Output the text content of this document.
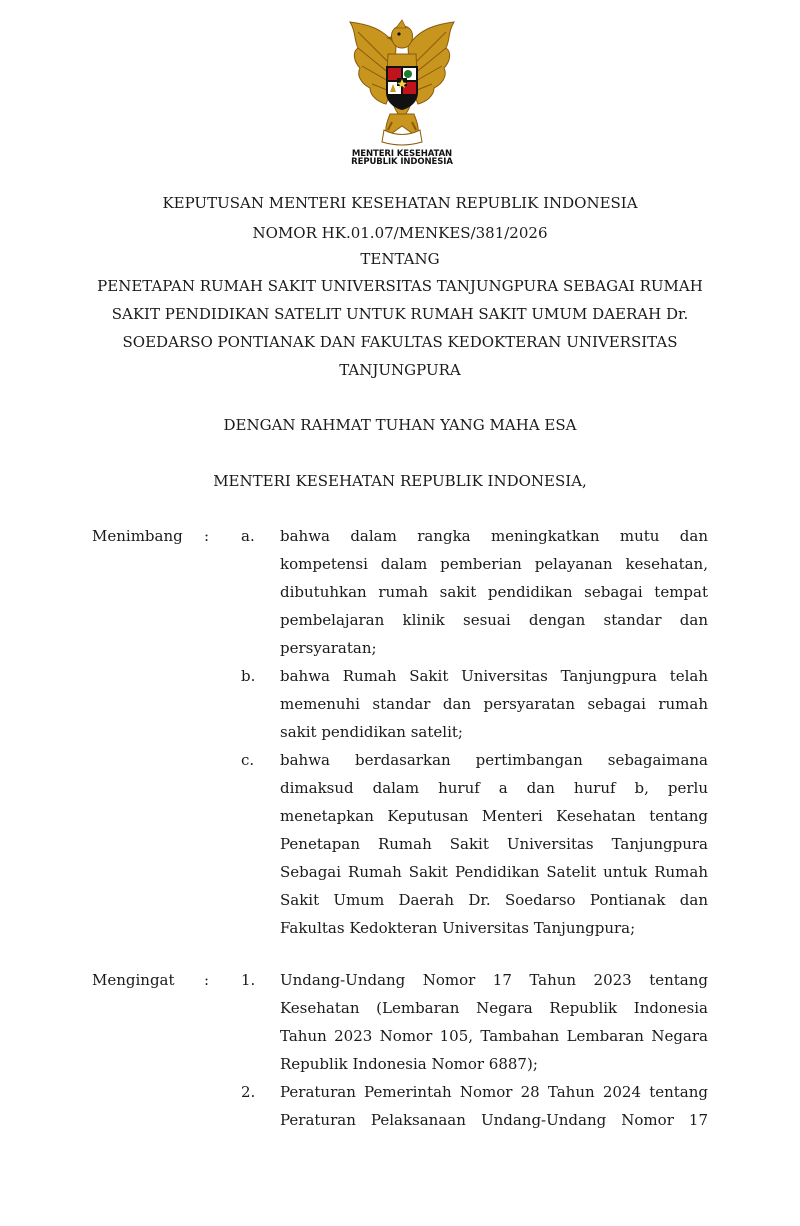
MENTERI KESEHATAN
REPUBLIK INDONESIA
KEPUTUSAN MENTERI KESEHATAN REPUBLIK INDONESIA
NOMOR HK.01.07/MENKES/381/2026
TENTANG
PENETAPAN RUMAH SAKIT UNIVERSITAS TANJUNGPURA SEBAGAI RUMAH
SAKIT PENDIDIKAN SATELIT UNTUK RUMAH SAKIT UMUM DAERAH Dr.
SOEDARSO PONTIANAK DAN FAKULTAS KEDOKTERAN UNIVERSITAS
TANJUNGPURA
DENGAN RAHMAT TUHAN YANG MAHA ESA
MENTERI KESEHATAN REPUBLIK INDONESIA,
Menimbang : a. bahwa dalam rangka meningkatkan mutu dan
kompetensi dalam pemberian pelayanan kesehatan,
dibutuhkan rumah sakit pendidikan sebagai tempat
pembelajaran klinik sesuai dengan standar dan
persyaratan;
b. bahwa Rumah Sakit Universitas Tanjungpura telah
memenuhi standar dan persyaratan sebagai rumah
sakit pendidikan satelit;
c. bahwa berdasarkan pertimbangan sebagaimana
dimaksud dalam huruf a dan huruf b, perlu
menetapkan Keputusan Menteri Kesehatan tentang
Penetapan Rumah Sakit Universitas Tanjungpura
Sebagai Rumah Sakit Pendidikan Satelit untuk Rumah
Sakit Umum Daerah Dr. Soedarso Pontianak dan
Fakultas Kedokteran Universitas Tanjungpura;
Mengingat : 1. Undang-Undang Nomor 17 Tahun 2023 tentang
Kesehatan (Lembaran Negara Republik Indonesia
Tahun 2023 Nomor 105, Tambahan Lembaran Negara
Republik Indonesia Nomor 6887);
2. Peraturan Pemerintah Nomor 28 Tahun 2024 tentang
Peraturan Pelaksanaan Undang-Undang Nomor 17
